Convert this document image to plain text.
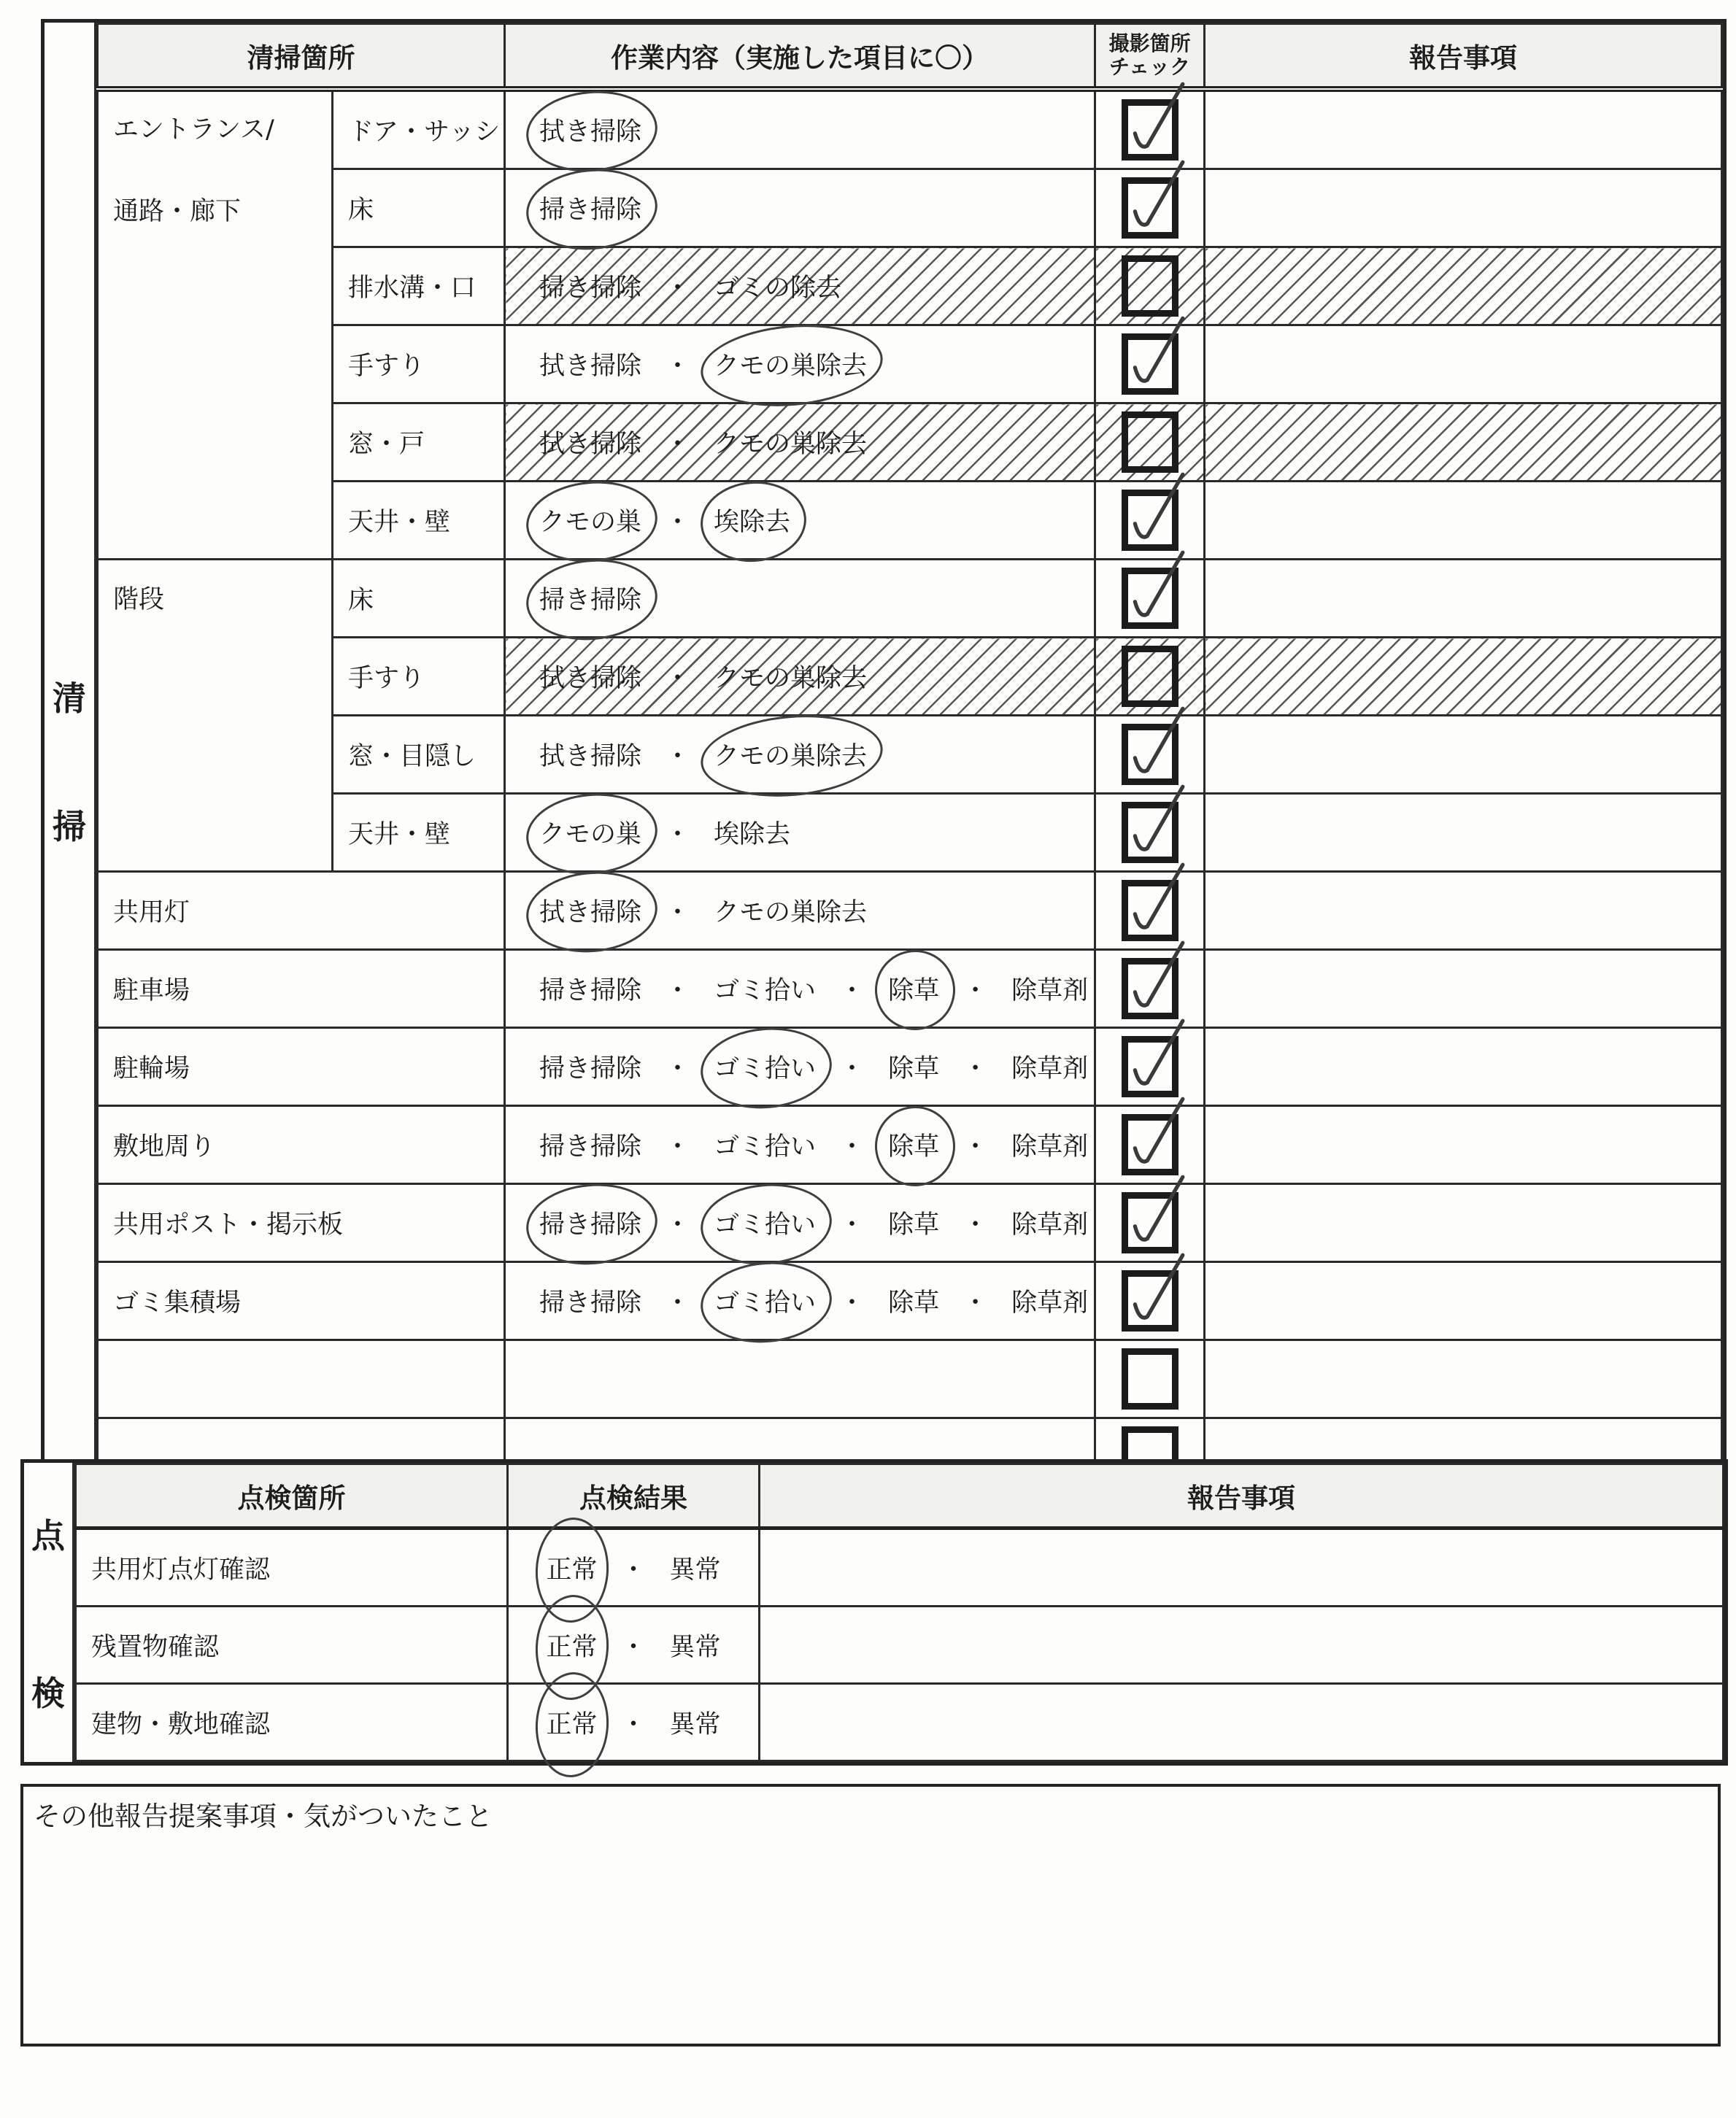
清
掃
清掃箇所		作業内容（実施した項目に〇）	撮影箇所
チェック	報告事項

エントランス/
通路・廊下	ドア・サッシ	拭き掃除	

	床	掃き掃除	

	排水溝・口	掃き掃除 ・ ゴミの除去	

	手すり	拭き掃除 ・ クモの巣除去	

	窓・戸	拭き掃除 ・ クモの巣除去	

	天井・壁	クモの巣 ・ 埃除去	

階段	床	掃き掃除	

	手すり	拭き掃除 ・ クモの巣除去	

	窓・目隠し	拭き掃除 ・ クモの巣除去	

	天井・壁	クモの巣 ・ 埃除去	

共用灯		拭き掃除 ・ クモの巣除去	

駐車場		掃き掃除 ・ ゴミ拾い ・ 除草 ・ 除草剤	

駐輪場		掃き掃除 ・ ゴミ拾い ・ 除草 ・ 除草剤	

敷地周り		掃き掃除 ・ ゴミ拾い ・ 除草 ・ 除草剤	

共用ポスト・掲示板		掃き掃除 ・ ゴミ拾い ・ 除草 ・ 除草剤	

ゴミ集積場		掃き掃除 ・ ゴミ拾い ・ 除草 ・ 除草剤	

点
検
点検箇所	点検結果	報告事項
共用灯点灯確認	正常 ・ 異常	
残置物確認	正常 ・ 異常	
建物・敷地確認	正常 ・ 異常	
その他報告提案事項・気がついたこと
